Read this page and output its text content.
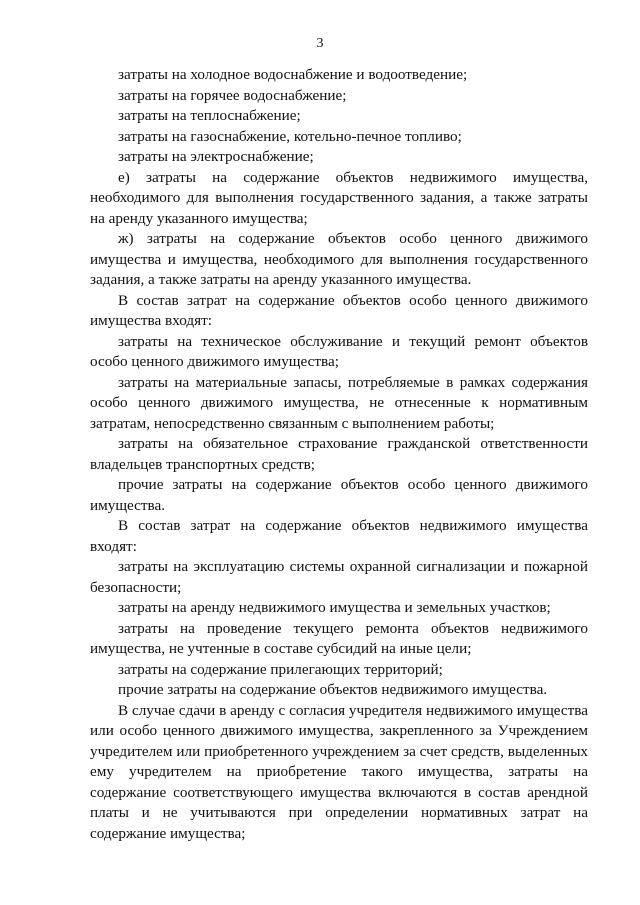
3

затраты на холодное водоснабжение и водоотведение;

затраты на горячее водоснабжение;

затраты на теплоснабжение;

затраты на газоснабжение, котельно-печное топливо;

затраты на электроснабжение;

е) затраты на содержание объектов недвижимого имущества, необходимого для выполнения государственного задания, а также затраты на аренду указанного имущества;

ж) затраты на содержание объектов особо ценного движимого имущества и имущества, необходимого для выполнения государственного задания, а также затраты на аренду указанного имущества.

В состав затрат на содержание объектов особо ценного движимого имущества входят:

затраты на техническое обслуживание и текущий ремонт объектов особо ценного движимого имущества;

затраты на материальные запасы, потребляемые в рамках содержания особо ценного движимого имущества, не отнесенные к нормативным затратам, непосредственно связанным с выполнением работы;

затраты на обязательное страхование гражданской ответственности владельцев транспортных средств;

прочие затраты на содержание объектов особо ценного движимого имущества.

В состав затрат на содержание объектов недвижимого имущества входят:

затраты на эксплуатацию системы охранной сигнализации и пожарной безопасности;

затраты на аренду недвижимого имущества и земельных участков;

затраты на проведение текущего ремонта объектов недвижимого имущества, не учтенные в составе субсидий на иные цели;

затраты на содержание прилегающих территорий;

прочие затраты на содержание объектов недвижимого имущества.

В случае сдачи в аренду с согласия учредителя недвижимого имущества или особо ценного движимого имущества, закрепленного за Учреждением учредителем или приобретенного учреждением за счет средств, выделенных ему учредителем на приобретение такого имущества, затраты на содержание соответствующего имущества включаются в состав арендной платы и не учитываются при определении нормативных затрат на содержание имущества;
